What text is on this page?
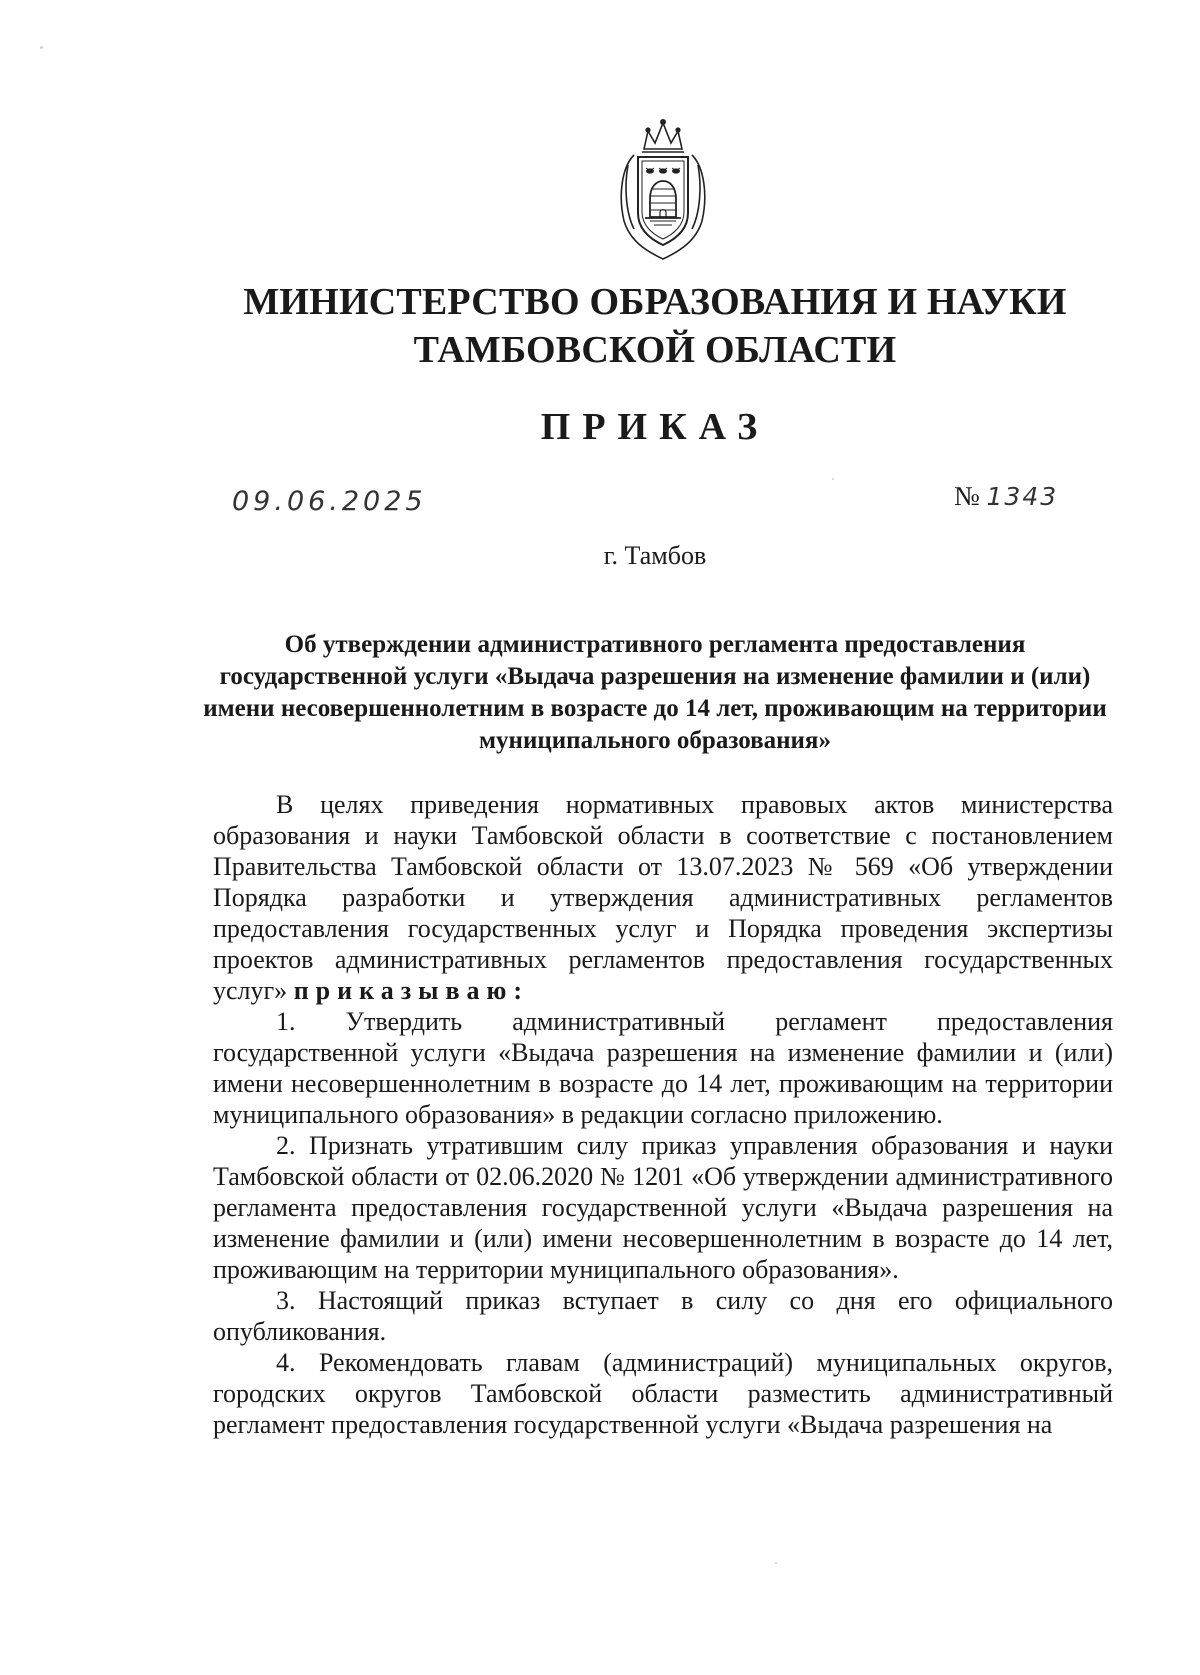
МИНИСТЕРСТВО ОБРАЗОВАНИЯ И НАУКИ
ТАМБОВСКОЙ ОБЛАСТИ
ПРИКАЗ
09.06.2025	№ 1343
г. Тамбов
Об утверждении административного регламента предоставления государственной услуги «Выдача разрешения на изменение фамилии и (или) имени несовершеннолетним в возрасте до 14 лет, проживающим на территории муниципального образования»

В целях приведения нормативных правовых актов министерства образования и науки Тамбовской области в соответствие с постановлением Правительства Тамбовской области от 13.07.2023 № 569 «Об утверждении Порядка разработки и утверждения административных регламентов предоставления государственных услуг и Порядка проведения экспертизы проектов административных регламентов предоставления государственных услуг» приказываю:

1. Утвердить административный регламент предоставления государственной услуги «Выдача разрешения на изменение фамилии и (или) имени несовершеннолетним в возрасте до 14 лет, проживающим на территории муниципального образования» в редакции согласно приложению.

2. Признать утратившим силу приказ управления образования и науки Тамбовской области от 02.06.2020 № 1201 «Об утверждении административного регламента предоставления государственной услуги «Выдача разрешения на изменение фамилии и (или) имени несовершеннолетним в возрасте до 14 лет, проживающим на территории муниципального образования».

3. Настоящий приказ вступает в силу со дня его официального опубликования.

4. Рекомендовать главам (администраций) муниципальных округов, городских округов Тамбовской области разместить административный регламент предоставления государственной услуги «Выдача разрешения на
